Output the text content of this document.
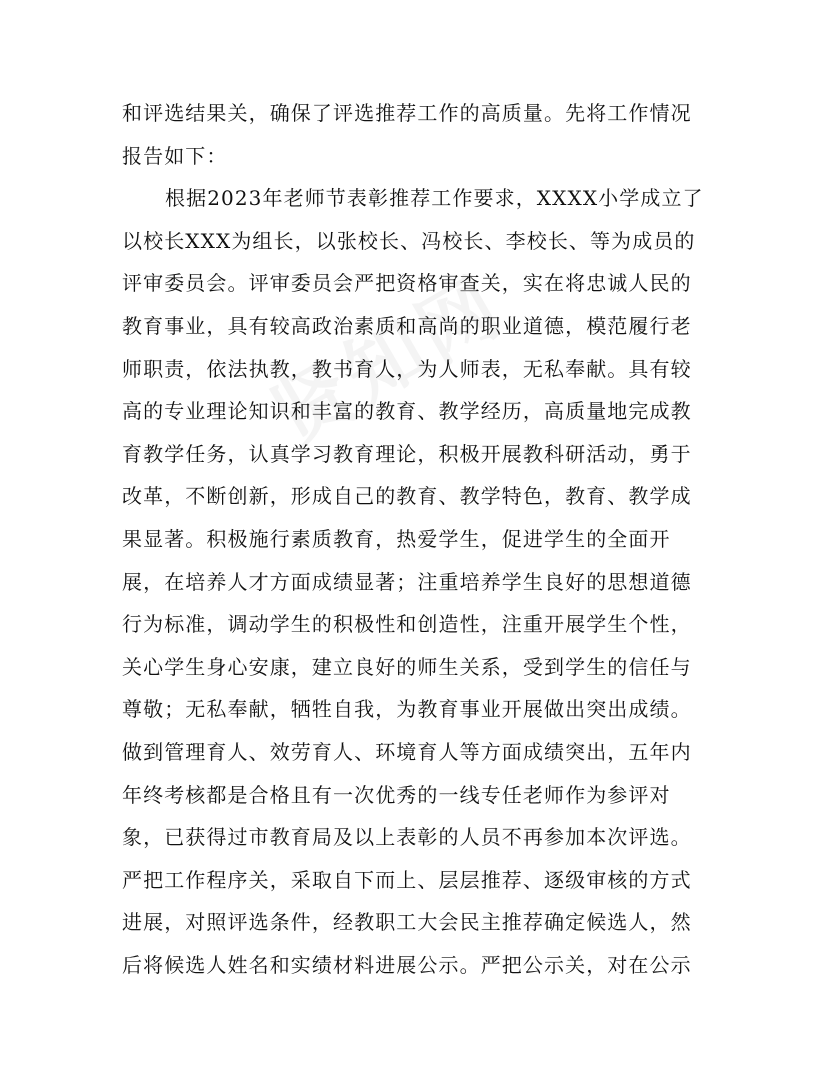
和评选结果关，确保了评选推荐工作的高质量。先将工作情况
报告如下：
根据2023年老师节表彰推荐工作要求，XXXX小学成立了
以校长XXX为组长，以张校长、冯校长、李校长、等为成员的
评审委员会。评审委员会严把资格审查关，实在将忠诚人民的
教育事业，具有较高政治素质和高尚的职业道德，模范履行老
师职责，依法执教，教书育人，为人师表，无私奉献。具有较
高的专业理论知识和丰富的教育、教学经历，高质量地完成教
育教学任务，认真学习教育理论，积极开展教科研活动，勇于
改革，不断创新，形成自己的教育、教学特色，教育、教学成
果显著。积极施行素质教育，热爱学生，促进学生的全面开
展，在培养人才方面成绩显著；注重培养学生良好的思想道德
行为标准，调动学生的积极性和创造性，注重开展学生个性，
关心学生身心安康，建立良好的师生关系，受到学生的信任与
尊敬；无私奉献，牺牲自我，为教育事业开展做出突出成绩。
做到管理育人、效劳育人、环境育人等方面成绩突出，五年内
年终考核都是合格且有一次优秀的一线专任老师作为参评对
象，已获得过市教育局及以上表彰的人员不再参加本次评选。
严把工作程序关，采取自下而上、层层推荐、逐级审核的方式
进展，对照评选条件，经教职工大会民主推荐确定候选人，然
后将候选人姓名和实绩材料进展公示。严把公示关，对在公示
